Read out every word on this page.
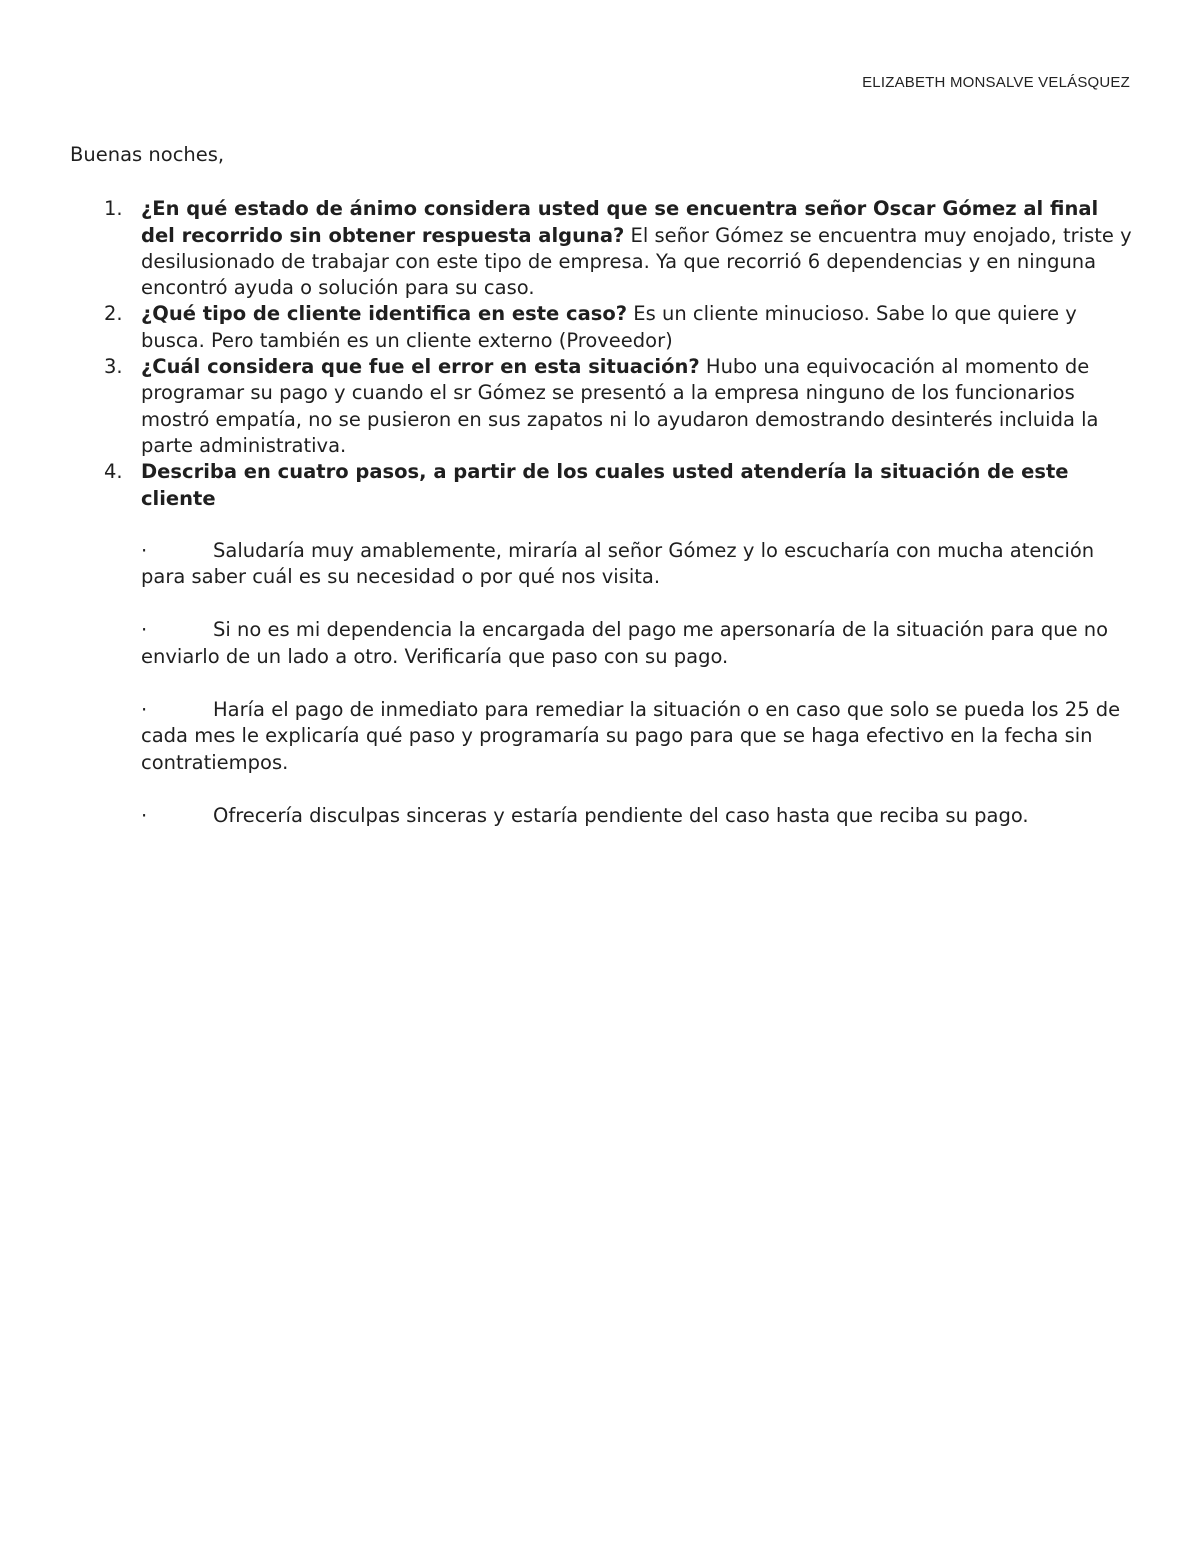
ELIZABETH MONSALVE VELÁSQUEZ

Buenas noches,

1. ¿En qué estado de ánimo considera usted que se encuentra señor Oscar Gómez al final del recorrido sin obtener respuesta alguna? El señor Gómez se encuentra muy enojado, triste y desilusionado de trabajar con este tipo de empresa. Ya que recorrió 6 dependencias y en ninguna encontró ayuda o solución para su caso.
2. ¿Qué tipo de cliente identifica en este caso? Es un cliente minucioso. Sabe lo que quiere y busca. Pero también es un cliente externo (Proveedor)
3. ¿Cuál considera que fue el error en esta situación? Hubo una equivocación al momento de programar su pago y cuando el sr Gómez se presentó a la empresa ninguno de los funcionarios mostró empatía, no se pusieron en sus zapatos ni lo ayudaron demostrando desinterés incluida la parte administrativa.
4. Describa en cuatro pasos, a partir de los cuales usted atendería la situación de este cliente
·	Saludaría muy amablemente, miraría al señor Gómez y lo escucharía con mucha atención para saber cuál es su necesidad o por qué nos visita.
·	Si no es mi dependencia la encargada del pago me apersonaría de la situación para que no enviarlo de un lado a otro. Verificaría que paso con su pago.
·	Haría el pago de inmediato para remediar la situación o en caso que solo se pueda los 25 de cada mes le explicaría qué paso y programaría su pago para que se haga efectivo en la fecha sin contratiempos.
·	Ofrecería disculpas sinceras y estaría pendiente del caso hasta que reciba su pago.
